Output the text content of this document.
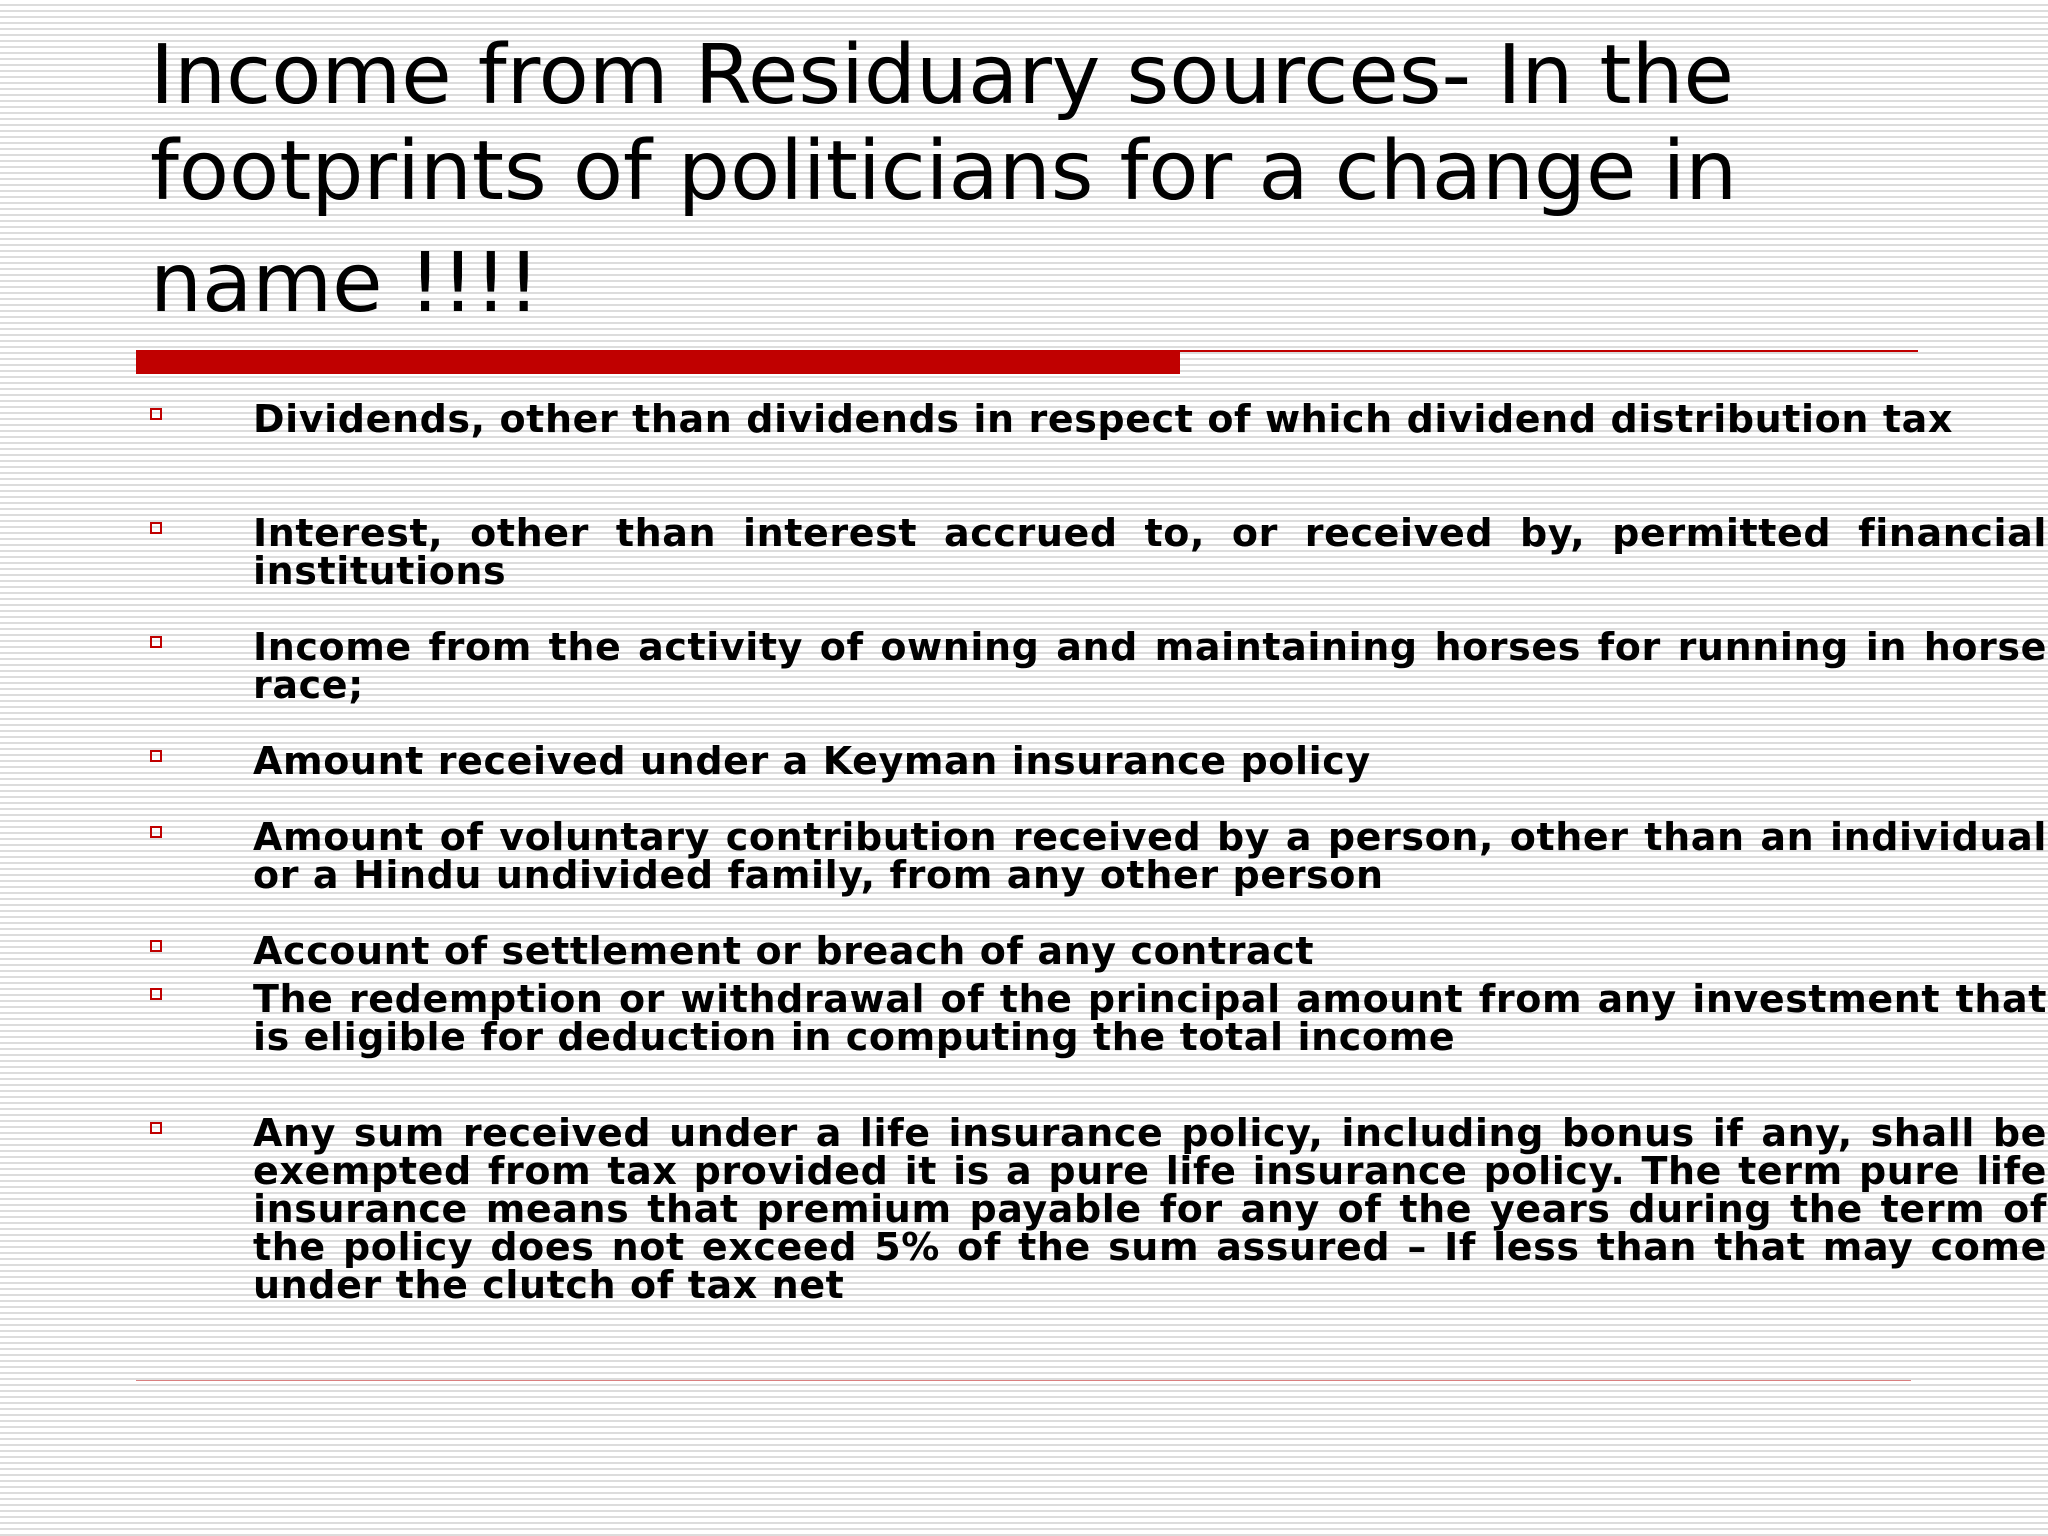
Income from Residuary sources- In the
footprints of politicians for a change in
name !!!!

Dividends, other than dividends in respect of which dividend distribution tax

Interest, other than interest accrued to, or received by, permitted financial institutions

Income from the activity of owning and maintaining horses for running in horse race;

Amount received under a Keyman insurance policy

Amount of voluntary contribution received by a person, other than an individual or a Hindu undivided family, from any other person

Account of settlement or breach of any contract

The redemption or withdrawal of the principal amount from any investment that is eligible for deduction in computing the total income

Any sum received under a life insurance policy, including bonus if any, shall be exempted from tax provided it is a pure life insurance policy. The term pure life insurance means that premium payable for any of the years during the term of the policy does not exceed 5% of the sum assured – If less than that may come under the clutch of tax net
